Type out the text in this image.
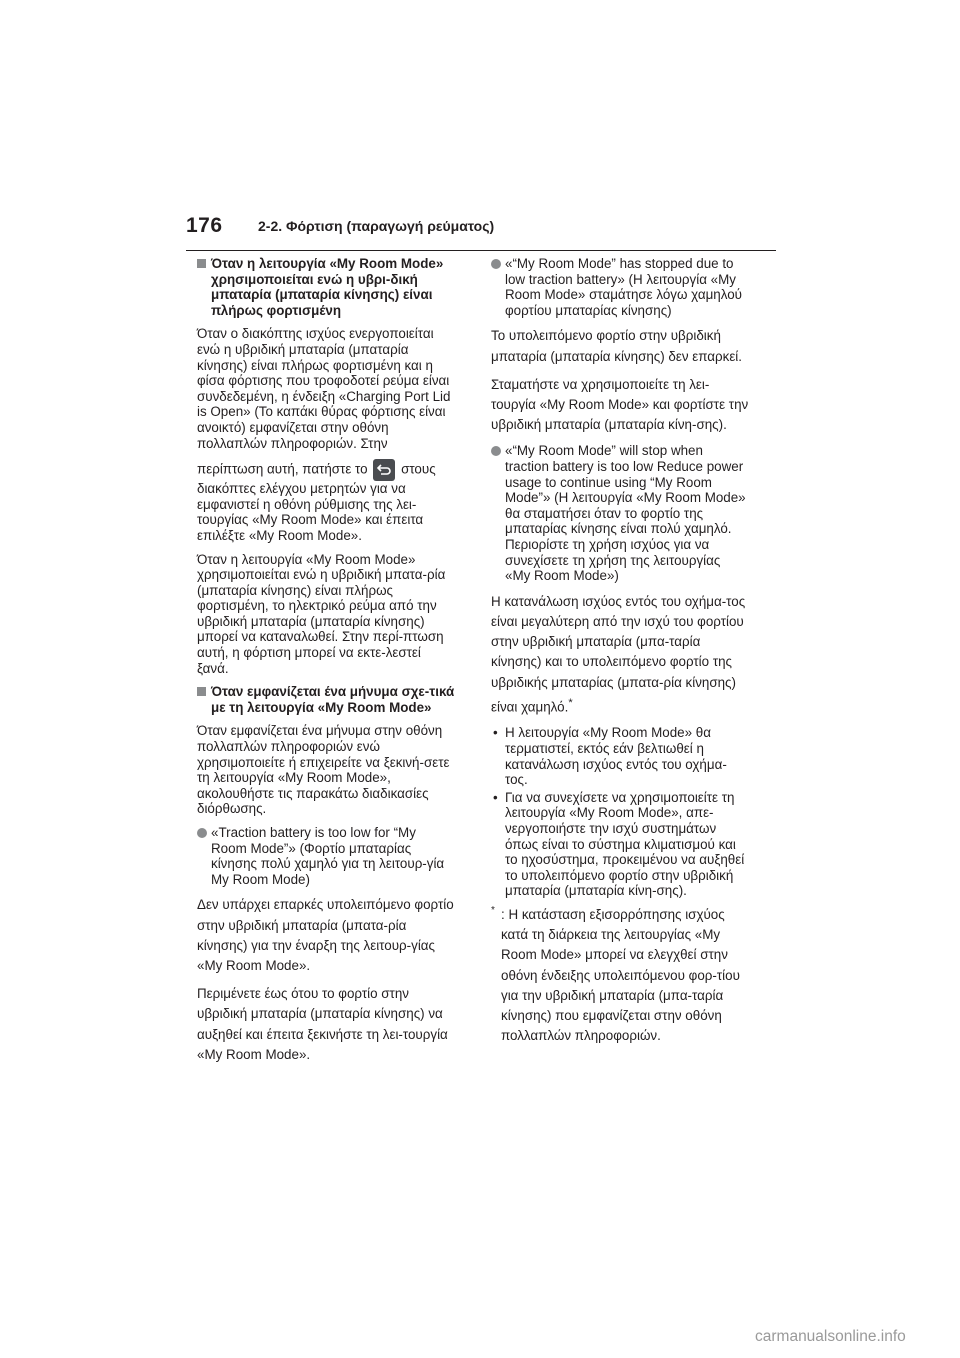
176	2-2. Φόρτιση (παραγωγή ρεύματος)
Όταν η λειτουργία «My Room Mode» χρησιμοποιείται ενώ η υβρι-δική μπαταρία (μπαταρία κίνησης) είναι πλήρως φορτισμένη

Όταν ο διακόπτης ισχύος ενεργοποιείται ενώ η υβριδική μπαταρία (μπαταρία κίνησης) είναι πλήρως φορτισμένη και η φίσα φόρτισης που τροφοδοτεί ρεύμα είναι συνδεδεμένη, η ένδειξη «Charging Port Lid is Open» (Το καπάκι θύρας φόρτισης είναι ανοικτό) εμφανίζεται στην οθόνη πολλαπλών πληροφοριών. Στην

περίπτωση αυτή, πατήστε το στους διακόπτες ελέγχου μετρητών για να εμφανιστεί η οθόνη ρύθμισης της λει-τουργίας «My Room Mode» και έπειτα επιλέξτε «My Room Mode».

Όταν η λειτουργία «My Room Mode» χρησιμοποιείται ενώ η υβριδική μπατα-ρία (μπαταρία κίνησης) είναι πλήρως φορτισμένη, το ηλεκτρικό ρεύμα από την υβριδική μπαταρία (μπαταρία κίνησης) μπορεί να καταναλωθεί. Στην περί-πτωση αυτή, η φόρτιση μπορεί να εκτε-λεστεί ξανά.

Όταν εμφανίζεται ένα μήνυμα σχε-τικά με τη λειτουργία «My Room Mode»

Όταν εμφανίζεται ένα μήνυμα στην οθόνη πολλαπλών πληροφοριών ενώ χρησιμοποιείτε ή επιχειρείτε να ξεκινή-σετε τη λειτουργία «My Room Mode», ακολουθήστε τις παρακάτω διαδικασίες διόρθωσης.

«Traction battery is too low for “My Room Mode”» (Φορτίο μπαταρίας κίνησης πολύ χαμηλό για τη λειτουρ-γία My Room Mode)

Δεν υπάρχει επαρκές υπολειπόμενο φορτίο στην υβριδική μπαταρία (μπατα-ρία κίνησης) για την έναρξη της λειτουρ-γίας «My Room Mode».

Περιμένετε έως ότου το φορτίο στην υβριδική μπαταρία (μπαταρία κίνησης) να αυξηθεί και έπειτα ξεκινήστε τη λει-τουργία «My Room Mode».

«“My Room Mode” has stopped due to low traction battery» (Η λειτουργία «My Room Mode» σταμάτησε λόγω χαμηλού φορτίου μπαταρίας κίνησης)

Το υπολειπόμενο φορτίο στην υβριδική μπαταρία (μπαταρία κίνησης) δεν επαρκεί.

Σταματήστε να χρησιμοποιείτε τη λει-τουργία «My Room Mode» και φορτίστε την υβριδική μπαταρία (μπαταρία κίνη-σης).

«“My Room Mode” will stop when traction battery is too low Reduce power usage to continue using “My Room Mode”» (Η λειτουργία «My Room Mode» θα σταματήσει όταν το φορτίο της μπαταρίας κίνησης είναι πολύ χαμηλό. Περιορίστε τη χρήση ισχύος για να συνεχίσετε τη χρήση της λειτουργίας «My Room Mode»)

Η κατανάλωση ισχύος εντός του οχήμα-τος είναι μεγαλύτερη από την ισχύ του φορτίου στην υβριδική μπαταρία (μπα-ταρία κίνησης) και το υπολειπόμενο φορτίο της υβριδικής μπαταρίας (μπατα-ρία κίνησης) είναι χαμηλό.*

• Η λειτουργία «My Room Mode» θα τερματιστεί, εκτός εάν βελτιωθεί η κατανάλωση ισχύος εντός του οχήμα-τος.
• Για να συνεχίσετε να χρησιμοποιείτε τη λειτουργία «My Room Mode», απε-νεργοποιήστε την ισχύ συστημάτων όπως είναι το σύστημα κλιματισμού και το ηχοσύστημα, προκειμένου να αυξηθεί το υπολειπόμενο φορτίο στην υβριδική μπαταρία (μπαταρία κίνη-σης).
* : Η κατάσταση εξισορρόπησης ισχύος κατά τη διάρκεια της λειτουργίας «My Room Mode» μπορεί να ελεγχθεί στην οθόνη ένδειξης υπολειπόμενου φορ-τίου για την υβριδική μπαταρία (μπα-ταρία κίνησης) που εμφανίζεται στην οθόνη πολλαπλών πληροφοριών.
carmanualsonline.info
